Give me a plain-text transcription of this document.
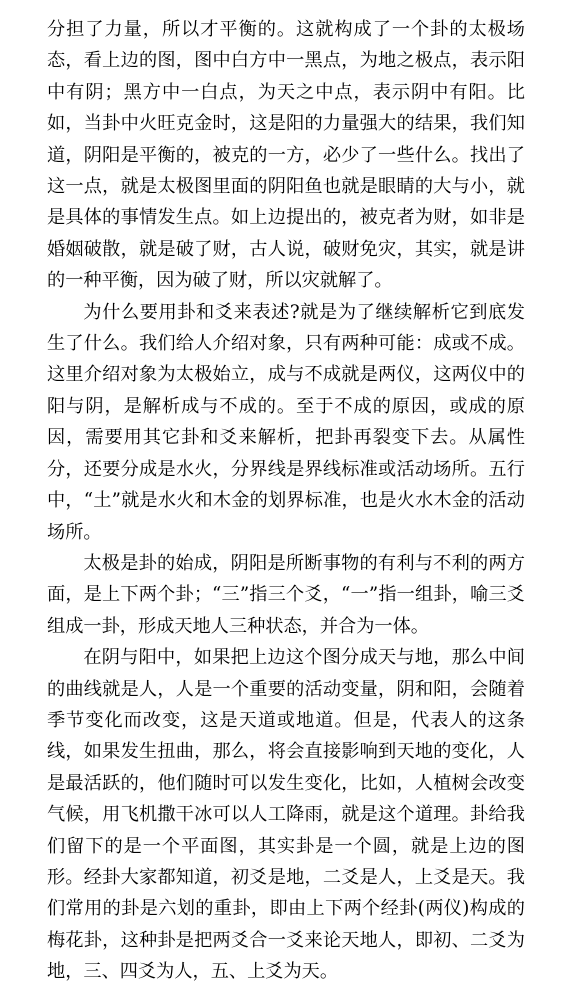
分担了力量，所以才平衡的。这就构成了一个卦的太极场态，看上边的图，图中白方中一黑点，为地之极点，表示阳中有阴；黑方中一白点，为天之中点，表示阴中有阳。比如，当卦中火旺克金时，这是阳的力量强大的结果，我们知道，阴阳是平衡的，被克的一方，必少了一些什么。找出了这一点，就是太极图里面的阴阳鱼也就是眼睛的大与小，就是具体的事情发生点。如上边提出的，被克者为财，如非是婚姻破散，就是破了财，古人说，破财免灾，其实，就是讲的一种平衡，因为破了财，所以灾就解了。

为什么要用卦和爻来表述?就是为了继续解析它到底发生了什么。我们给人介绍对象，只有两种可能：成或不成。这里介绍对象为太极始立，成与不成就是两仪，这两仪中的阳与阴，是解析成与不成的。至于不成的原因，或成的原因，需要用其它卦和爻来解析，把卦再裂变下去。从属性分，还要分成是水火，分界线是界线标准或活动场所。五行中，“土”就是水火和木金的划界标准，也是火水木金的活动场所。

太极是卦的始成，阴阳是所断事物的有利与不利的两方面，是上下两个卦；“三”指三个爻，“一”指一组卦，喻三爻组成一卦，形成天地人三种状态，并合为一体。

在阴与阳中，如果把上边这个图分成天与地，那么中间的曲线就是人，人是一个重要的活动变量，阴和阳，会随着季节变化而改变，这是天道或地道。但是，代表人的这条线，如果发生扭曲，那么，将会直接影响到天地的变化，人是最活跃的，他们随时可以发生变化，比如，人植树会改变气候，用飞机撒干冰可以人工降雨，就是这个道理。卦给我们留下的是一个平面图，其实卦是一个圆，就是上边的图形。经卦大家都知道，初爻是地，二爻是人，上爻是天。我们常用的卦是六划的重卦，即由上下两个经卦(两仪)构成的梅花卦，这种卦是把两爻合一爻来论天地人，即初、二爻为地，三、四爻为人，五、上爻为天。
